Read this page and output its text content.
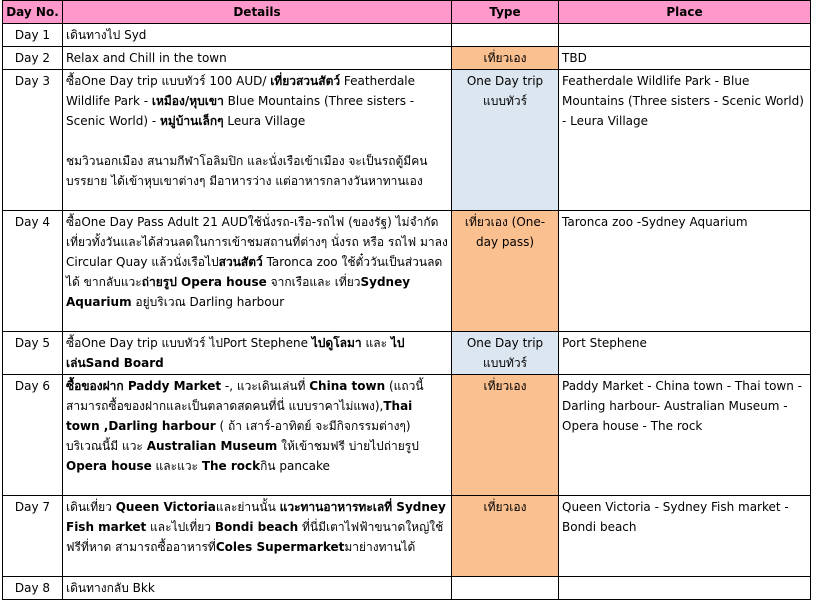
Day No.	Details	Type	Place
Day 1	เดินทางไป Syd		
Day 2	Relax and Chill in the town	เที่ยวเอง	TBD
Day 3	ซื้อOne Day trip แบบทัวร์ 100 AUD/ เที่ยวสวนสัตว์ Featherdale Wildlife Park - เหมือง/หุบเขา Blue Mountains (Three sisters - Scenic World) - หมู่บ้านเล็กๆ Leura Village

ชมวิวนอกเมือง สนามกีฬาโอลิมปิก และนั่งเรือเข้าเมือง จะเป็นรถตู้มีคนบรรยาย ได้เข้าหุบเขาต่างๆ มีอาหารว่าง แต่อาหารกลางวันหาทานเอง	One Day trip แบบทัวร์	Featherdale Wildlife Park - Blue Mountains (Three sisters - Scenic World) - Leura Village
Day 4	ซื้อOne Day Pass Adult 21 AUDใช้นั่งรถ-เรือ-รถไฟ (ของรัฐ) ไม่จำกัดเที่ยวทั้งวันและได้ส่วนลดในการเข้าชมสถานที่ต่างๆ นั่งรถ หรือ รถไฟ มาลง Circular Quay แล้วนั่งเรือไปสวนสัตว์ Taronca zoo ใช้ตั๋ววันเป็นส่วนลดได้ ขากลับแวะถ่ายรูป Opera house จากเรือและ เที่ยวSydney Aquarium อยู่บริเวณ Darling harbour	เที่ยวเอง (One-day pass)	Taronca zoo -Sydney Aquarium
Day 5	ซื้อOne Day trip แบบทัวร์ ไปPort Stephene ไปดูโลมา และ ไปเล่นSand Board	One Day trip แบบทัวร์	Port Stephene
Day 6	ซื้อของฝาก Paddy Market -, แวะเดินเล่นที่ China town (แถวนี้สามารถซื้อของฝากและเป็นตลาดสดคนที่นี่ แบบราคาไม่แพง),Thai town ,Darling harbour ( ถ้า เสาร์-อาทิตย์ จะมีกิจกรรมต่างๆ) บริเวณนี้มี แวะ Australian Museum ให้เข้าชมฟรี บ่ายไปถ่ายรูป Opera house และแวะ The rockกิน pancake	เที่ยวเอง	Paddy Market - China town - Thai town - Darling harbour- Australian Museum - Opera house - The rock
Day 7	เดินเที่ยว Queen Victoriaและย่านนั้น แวะทานอาหารทะเลที่ Sydney Fish market และไปเที่ยว Bondi beach ที่นี่มีเตาไฟฟ้าขนาดใหญ่ใช้ฟรีที่หาด สามารถซื้ออาหารที่Coles Supermarketมาย่างทานได้	เที่ยวเอง	Queen Victoria - Sydney Fish market - Bondi beach
Day 8	เดินทางกลับ Bkk		
